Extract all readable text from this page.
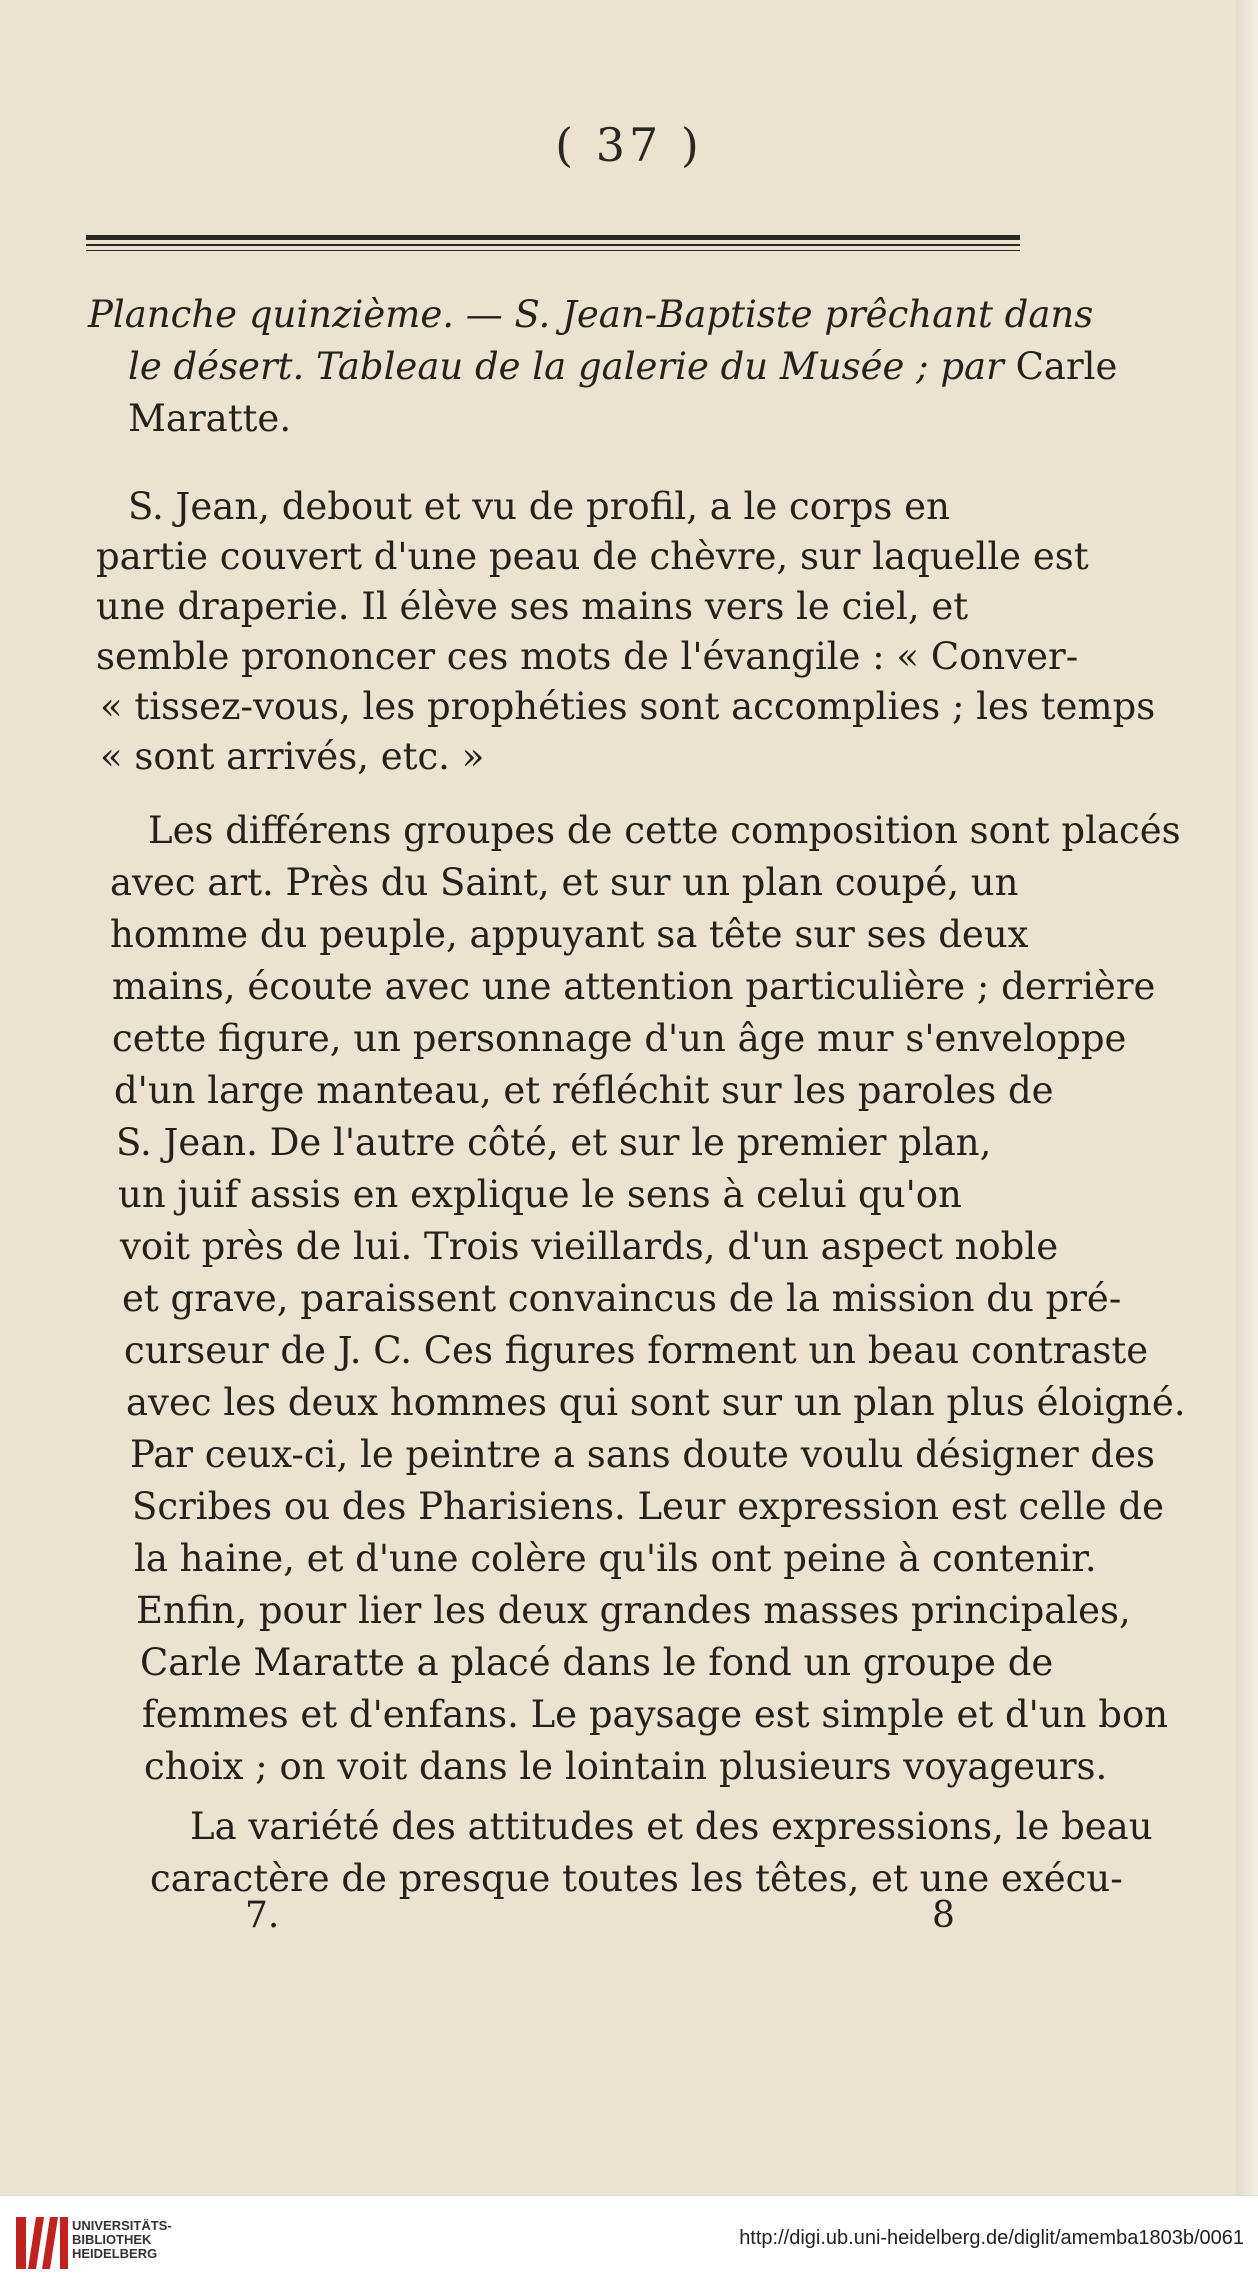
( 37 )
Planche quinzième. — S. Jean-Baptiste prêchant dans
le désert. Tableau de la galerie du Musée ; par Carle
Maratte.
S. Jean, debout et vu de profil, a le corps en
partie couvert d'une peau de chèvre, sur laquelle est
une draperie. Il élève ses mains vers le ciel, et
semble prononcer ces mots de l'évangile : « Conver-
« tissez-vous, les prophéties sont accomplies ; les temps
« sont arrivés, etc. »
Les différens groupes de cette composition sont placés
avec art. Près du Saint, et sur un plan coupé, un
homme du peuple, appuyant sa tête sur ses deux
mains, écoute avec une attention particulière ; derrière
cette figure, un personnage d'un âge mur s'enveloppe
d'un large manteau, et réfléchit sur les paroles de
S. Jean. De l'autre côté, et sur le premier plan,
un juif assis en explique le sens à celui qu'on
voit près de lui. Trois vieillards, d'un aspect noble
et grave, paraissent convaincus de la mission du pré-
curseur de J. C. Ces figures forment un beau contraste
avec les deux hommes qui sont sur un plan plus éloigné.
Par ceux-ci, le peintre a sans doute voulu désigner des
Scribes ou des Pharisiens. Leur expression est celle de
la haine, et d'une colère qu'ils ont peine à contenir.
Enfin, pour lier les deux grandes masses principales,
Carle Maratte a placé dans le fond un groupe de
femmes et d'enfans. Le paysage est simple et d'un bon
choix ; on voit dans le lointain plusieurs voyageurs.
La variété des attitudes et des expressions, le beau
caractère de presque toutes les têtes, et une exécu-
7.	8
UNIVERSITÄTS-
BIBLIOTHEK
HEIDELBERG
http://digi.ub.uni-heidelberg.de/diglit/amemba1803b/0061
